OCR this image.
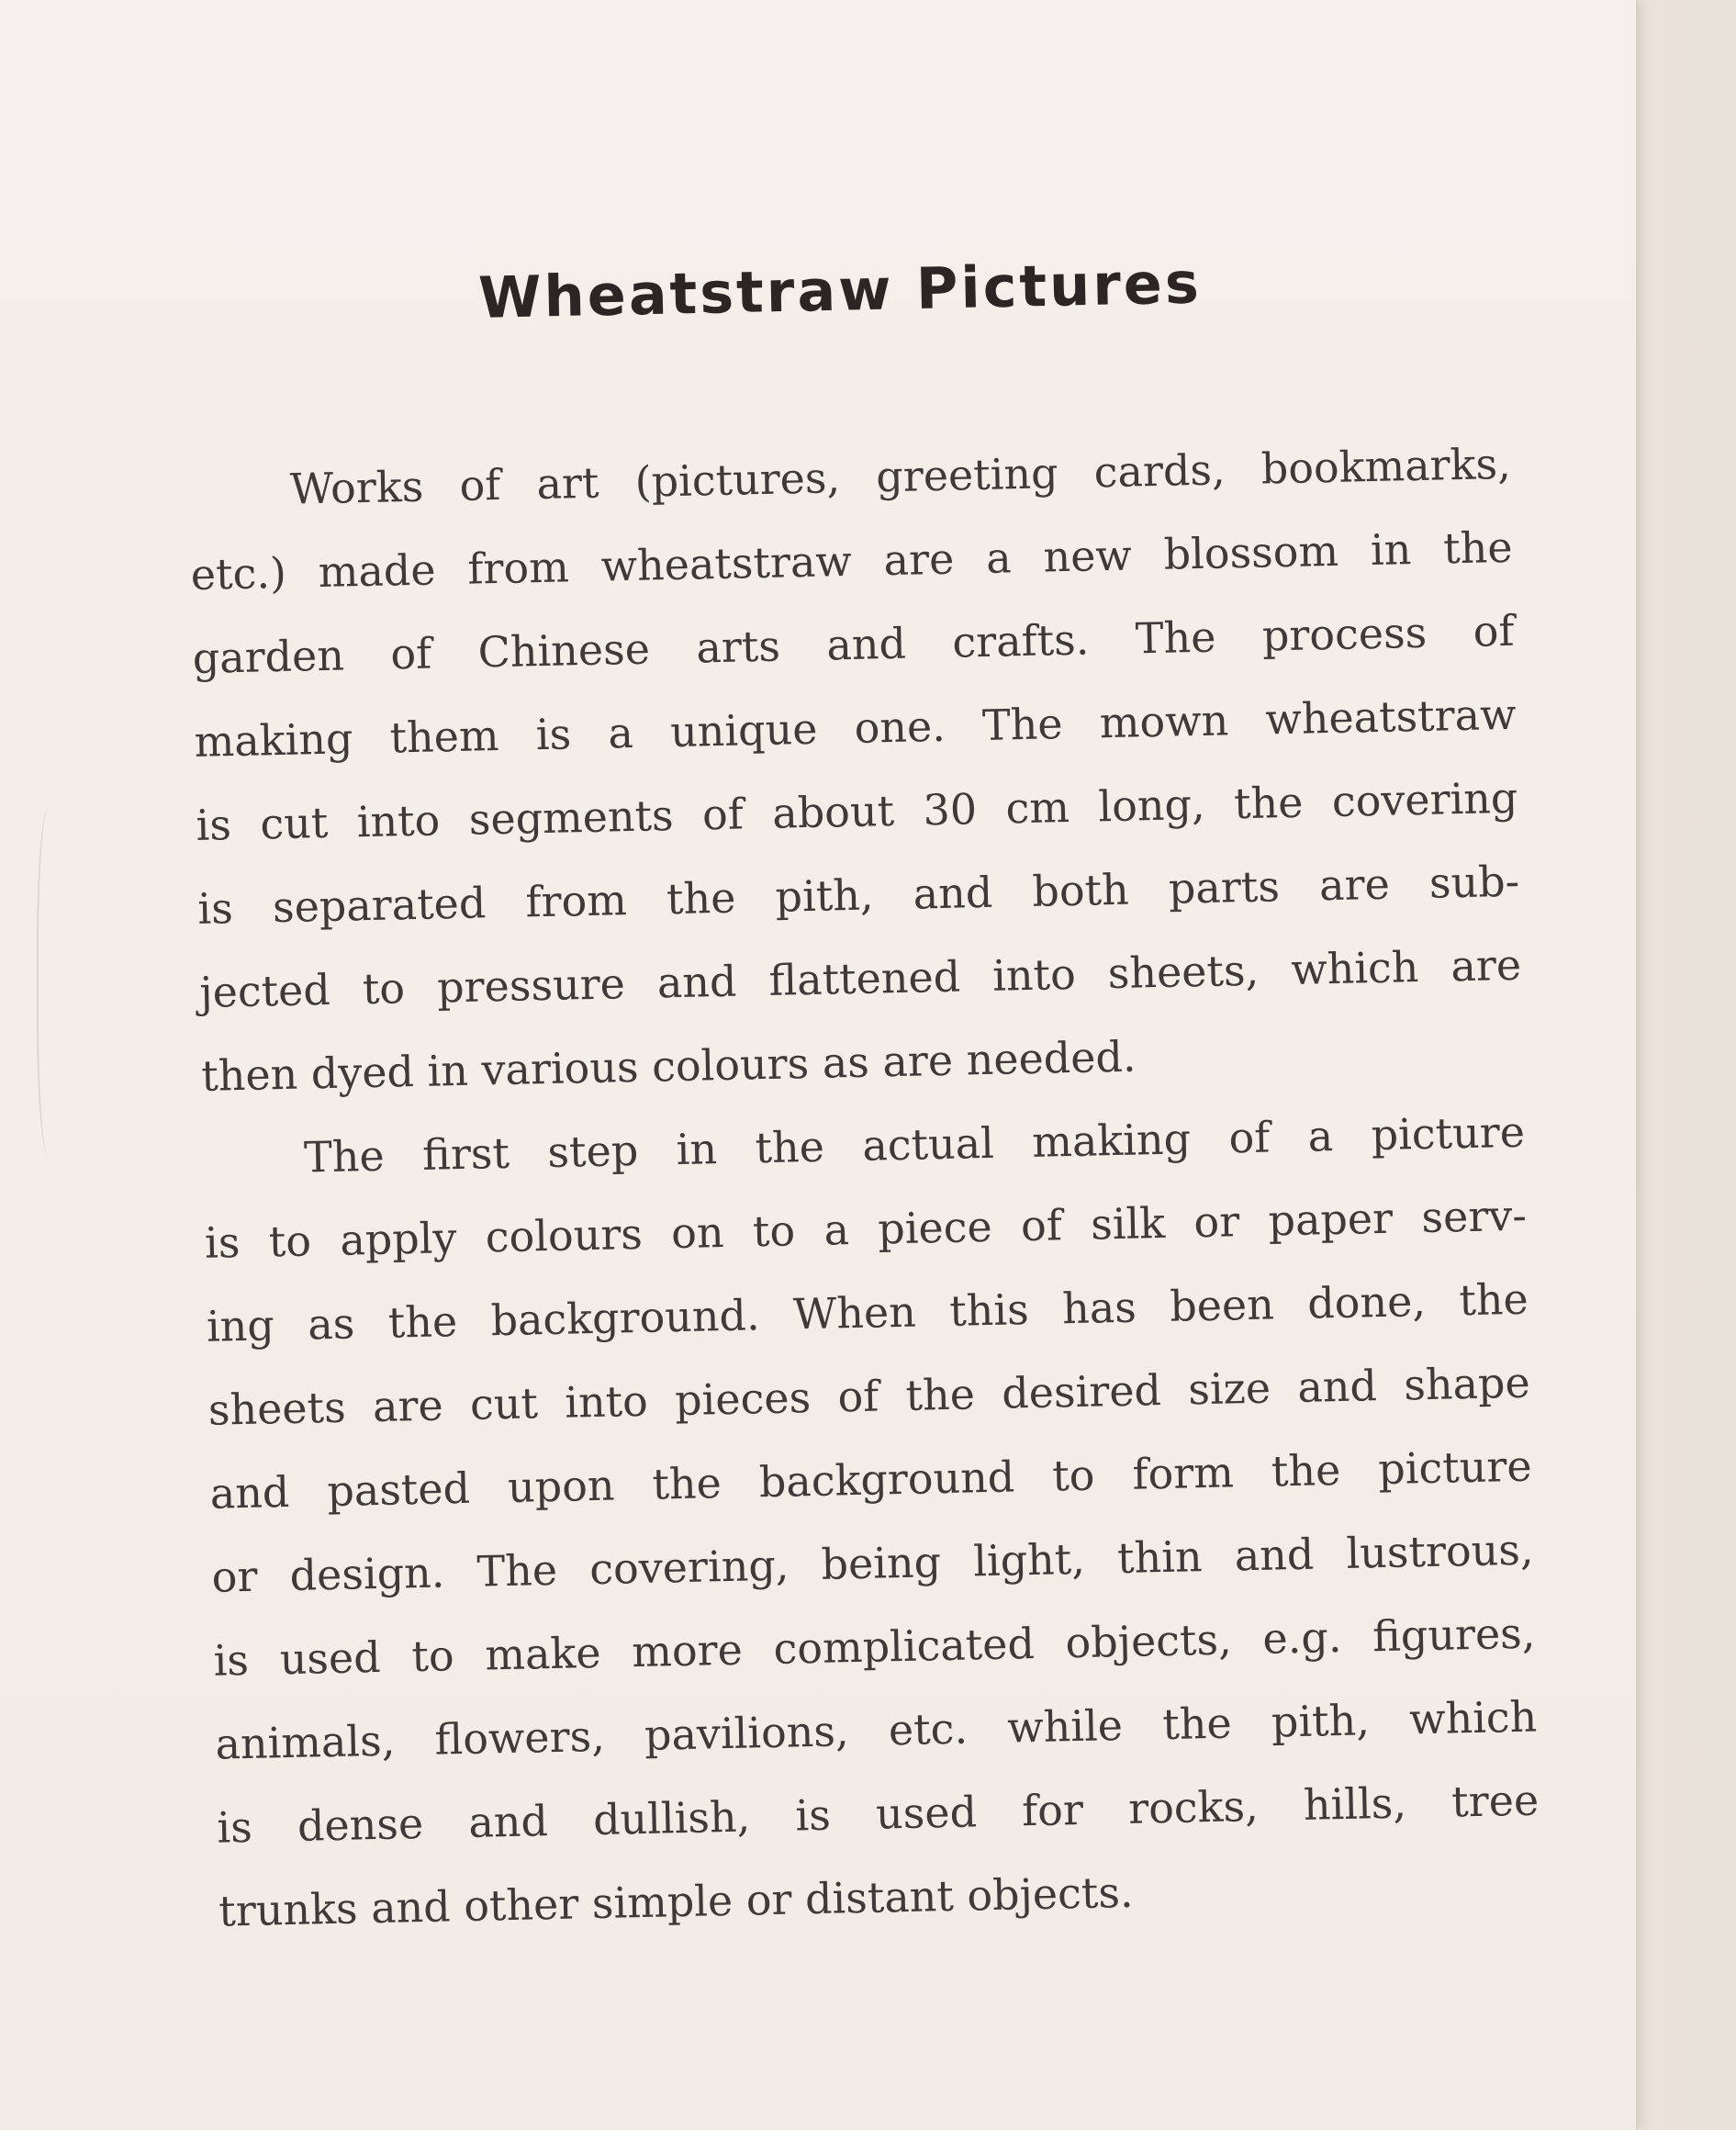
Wheatstraw Pictures
Works of art (pictures, greeting cards, bookmarks,
etc.) made from wheatstraw are a new blossom in the
garden of Chinese arts and crafts. The process of
making them is a unique one. The mown wheatstraw
is cut into segments of about 30 cm long, the covering
is separated from the pith, and both parts are sub-
jected to pressure and flattened into sheets, which are
then dyed in various colours as are needed.
The first step in the actual making of a picture
is to apply colours on to a piece of silk or paper serv-
ing as the background. When this has been done, the
sheets are cut into pieces of the desired size and shape
and pasted upon the background to form the picture
or design. The covering, being light, thin and lustrous,
is used to make more complicated objects, e.g. figures,
animals, flowers, pavilions, etc. while the pith, which
is dense and dullish, is used for rocks, hills, tree
trunks and other simple or distant objects.
